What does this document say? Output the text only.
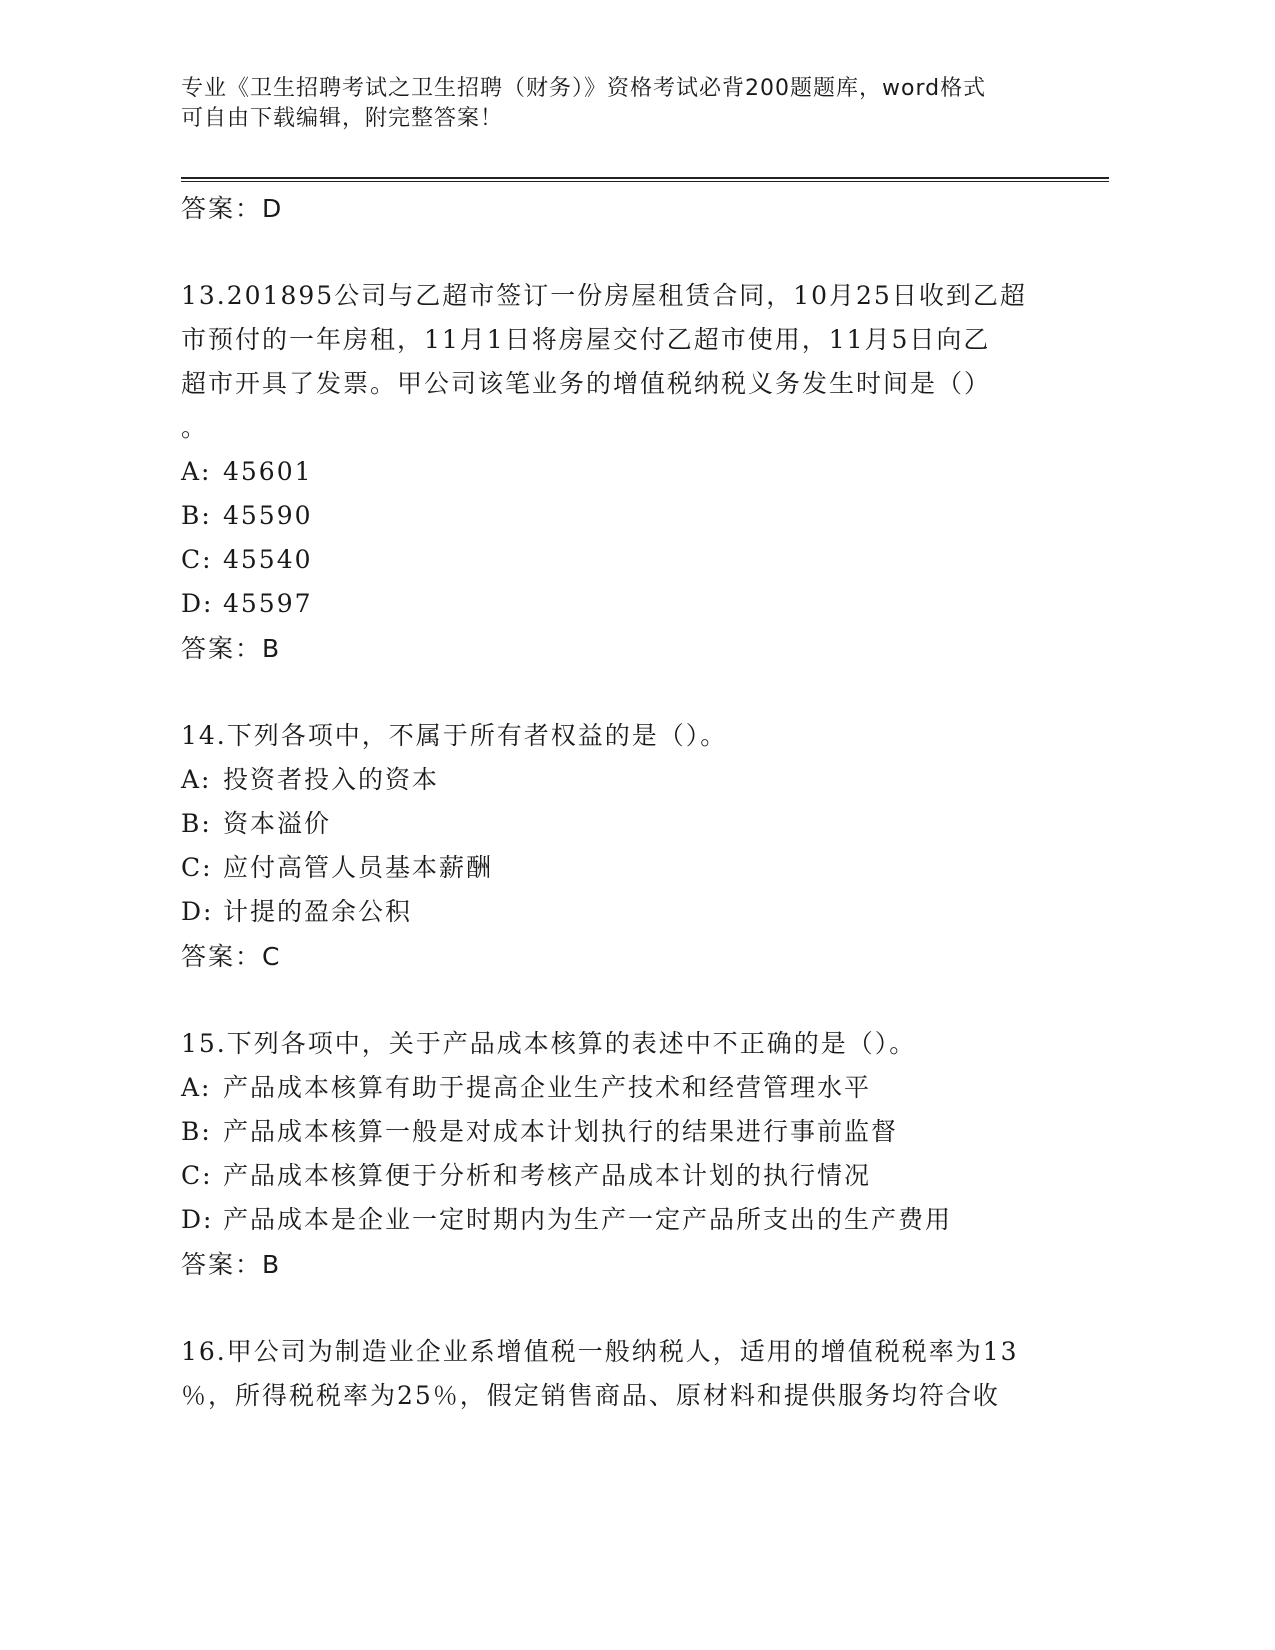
专业《卫生招聘考试之卫生招聘（财务）》资格考试必背200题题库，word格式
可自由下载编辑，附完整答案！
答案：D
13.201895公司与乙超市签订一份房屋租赁合同，10月25日收到乙超
市预付的一年房租，11月1日将房屋交付乙超市使用，11月5日向乙
超市开具了发票。甲公司该笔业务的增值税纳税义务发生时间是（）
。
A: 45601
B: 45590
C: 45540
D: 45597
答案：B
14.下列各项中，不属于所有者权益的是（）。
A: 投资者投入的资本
B: 资本溢价
C: 应付高管人员基本薪酬
D: 计提的盈余公积
答案：C
15.下列各项中，关于产品成本核算的表述中不正确的是（）。
A: 产品成本核算有助于提高企业生产技术和经营管理水平
B: 产品成本核算一般是对成本计划执行的结果进行事前监督
C: 产品成本核算便于分析和考核产品成本计划的执行情况
D: 产品成本是企业一定时期内为生产一定产品所支出的生产费用
答案：B
16.甲公司为制造业企业系增值税一般纳税人，适用的增值税税率为13
％，所得税税率为25％，假定销售商品、原材料和提供服务均符合收
